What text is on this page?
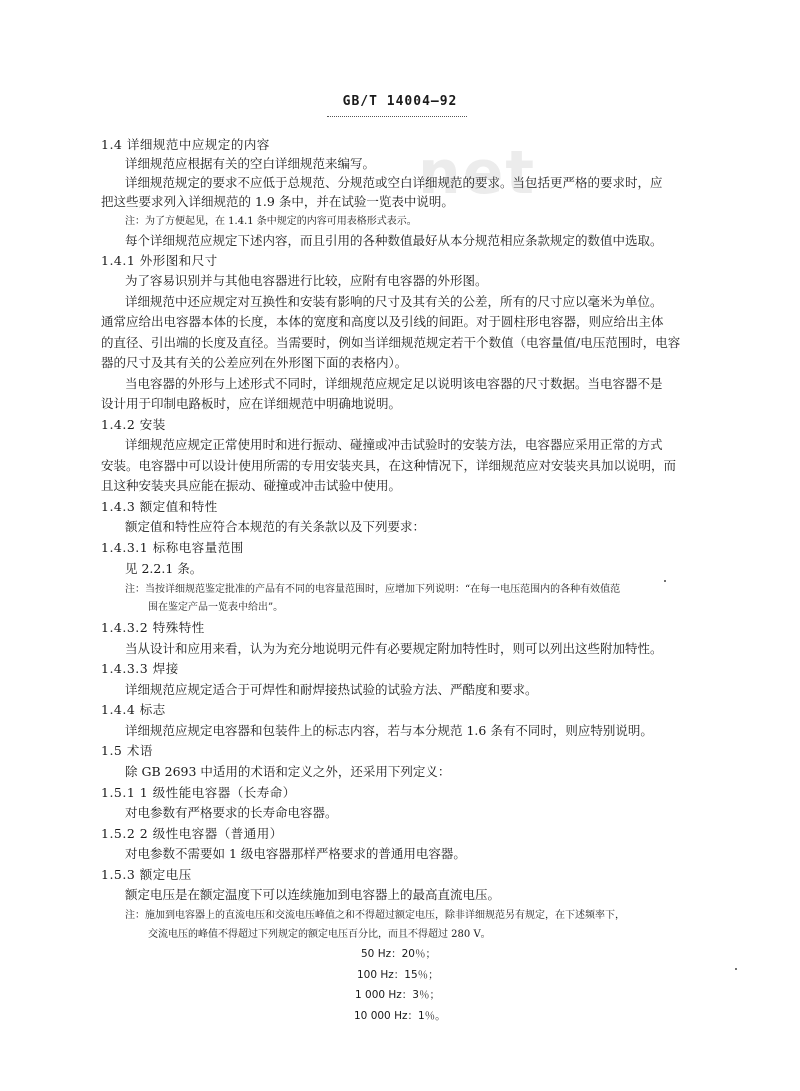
GB/T 14004—92
net
1.4 详细规范中应规定的内容
详细规范应根据有关的空白详细规范来编写。
详细规范规定的要求不应低于总规范、分规范或空白详细规范的要求。当包括更严格的要求时，应
把这些要求列入详细规范的 1.9 条中，并在试验一览表中说明。
注：为了方便起见，在 1.4.1 条中规定的内容可用表格形式表示。
每个详细规范应规定下述内容，而且引用的各种数值最好从本分规范相应条款规定的数值中选取。
1.4.1 外形图和尺寸
为了容易识别并与其他电容器进行比较，应附有电容器的外形图。
详细规范中还应规定对互换性和安装有影响的尺寸及其有关的公差，所有的尺寸应以毫米为单位。
通常应给出电容器本体的长度，本体的宽度和高度以及引线的间距。对于圆柱形电容器，则应给出主体
的直径、引出端的长度及直径。当需要时，例如当详细规范规定若干个数值（电容量值/电压范围时，电容
器的尺寸及其有关的公差应列在外形图下面的表格内）。
当电容器的外形与上述形式不同时，详细规范应规定足以说明该电容器的尺寸数据。当电容器不是
设计用于印制电路板时，应在详细规范中明确地说明。
1.4.2 安装
详细规范应规定正常使用时和进行振动、碰撞或冲击试验时的安装方法，电容器应采用正常的方式
安装。电容器中可以设计使用所需的专用安装夹具，在这种情况下，详细规范应对安装夹具加以说明，而
且这种安装夹具应能在振动、碰撞或冲击试验中使用。
1.4.3 额定值和特性
额定值和特性应符合本规范的有关条款以及下列要求：
1.4.3.1 标称电容量范围
见 2.2.1 条。
注：当按详细规范鉴定批准的产品有不同的电容量范围时，应增加下列说明：“在每一电压范围内的各种有效值范
围在鉴定产品一览表中给出”。
1.4.3.2 特殊特性
当从设计和应用来看，认为为充分地说明元件有必要规定附加特性时，则可以列出这些附加特性。
1.4.3.3 焊接
详细规范应规定适合于可焊性和耐焊接热试验的试验方法、严酷度和要求。
1.4.4 标志
详细规范应规定电容器和包装件上的标志内容，若与本分规范 1.6 条有不同时，则应特别说明。
1.5 术语
除 GB 2693 中适用的术语和定义之外，还采用下列定义：
1.5.1 1 级性能电容器（长寿命）
对电参数有严格要求的长寿命电容器。
1.5.2 2 级性电容器（普通用）
对电参数不需要如 1 级电容器那样严格要求的普通用电容器。
1.5.3 额定电压
额定电压是在额定温度下可以连续施加到电容器上的最高直流电压。
注：施加到电容器上的直流电压和交流电压峰值之和不得超过额定电压，除非详细规范另有规定，在下述频率下，
交流电压的峰值不得超过下列规定的额定电压百分比，而且不得超过 280 V。
50 Hz：20％；
100 Hz：15％；
1 000 Hz：3％；
10 000 Hz：1％。
